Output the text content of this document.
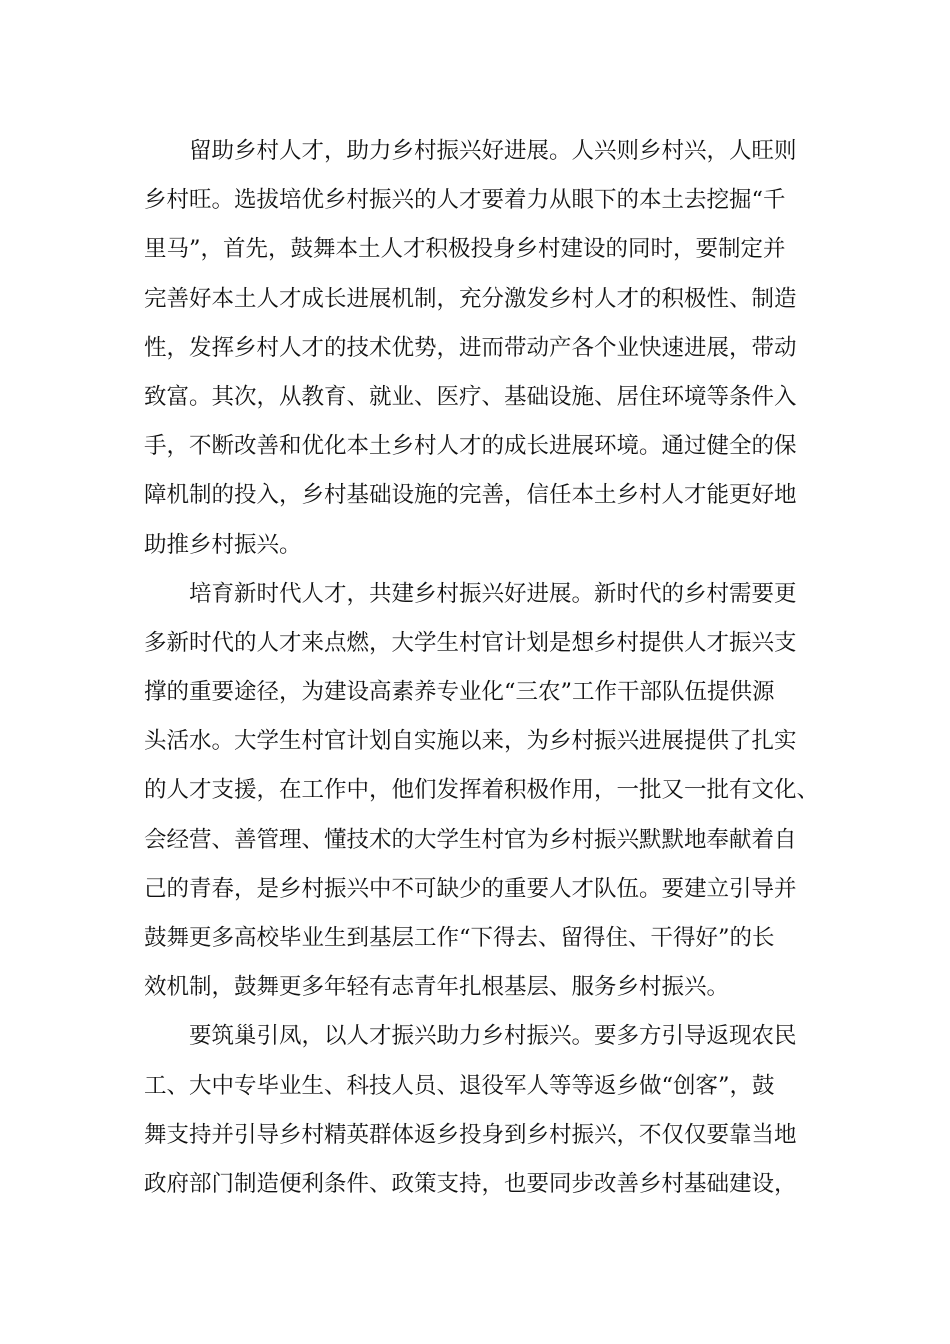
留助乡村人才，助力乡村振兴好进展。人兴则乡村兴，人旺则
乡村旺。选拔培优乡村振兴的人才要着力从眼下的本土去挖掘“千
里马”，首先，鼓舞本土人才积极投身乡村建设的同时，要制定并
完善好本土人才成长进展机制，充分激发乡村人才的积极性、制造
性，发挥乡村人才的技术优势，进而带动产各个业快速进展，带动
致富。其次，从教育、就业、医疗、基础设施、居住环境等条件入
手，不断改善和优化本土乡村人才的成长进展环境。通过健全的保
障机制的投入，乡村基础设施的完善，信任本土乡村人才能更好地
助推乡村振兴。
培育新时代人才，共建乡村振兴好进展。新时代的乡村需要更
多新时代的人才来点燃，大学生村官计划是想乡村提供人才振兴支
撑的重要途径，为建设高素养专业化“三农”工作干部队伍提供源
头活水。大学生村官计划自实施以来，为乡村振兴进展提供了扎实
的人才支援，在工作中，他们发挥着积极作用，一批又一批有文化、
会经营、善管理、懂技术的大学生村官为乡村振兴默默地奉献着自
己的青春，是乡村振兴中不可缺少的重要人才队伍。要建立引导并
鼓舞更多高校毕业生到基层工作“下得去、留得住、干得好”的长
效机制，鼓舞更多年轻有志青年扎根基层、服务乡村振兴。
要筑巢引凤，以人才振兴助力乡村振兴。要多方引导返现农民
工、大中专毕业生、科技人员、退役军人等等返乡做“创客”，鼓
舞支持并引导乡村精英群体返乡投身到乡村振兴，不仅仅要靠当地
政府部门制造便利条件、政策支持，也要同步改善乡村基础建设，
